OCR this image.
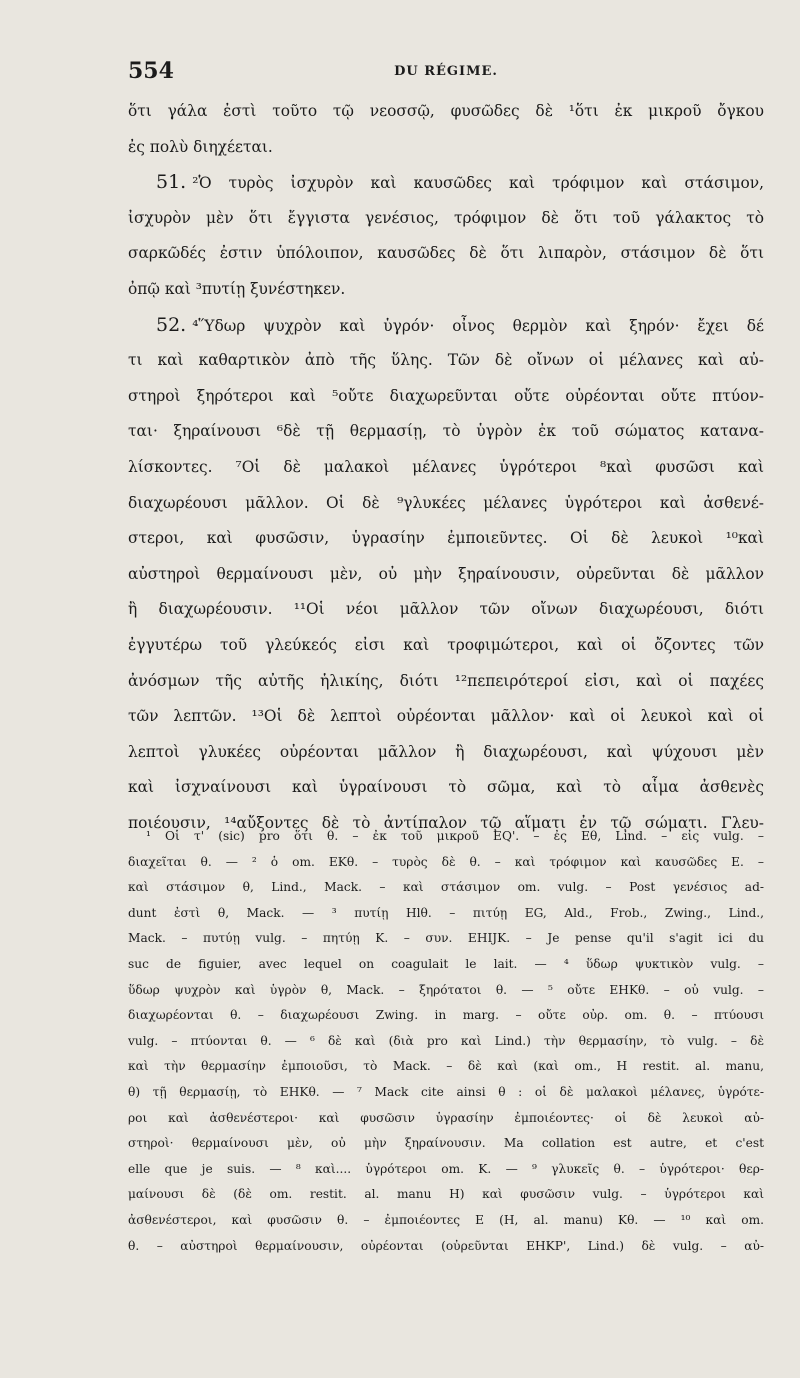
554	DU RÉGIME.
ὅτι γάλα ἐστὶ τοῦτο τῷ νεοσσῷ, φυσῶδες δὲ ¹ὅτι ἐκ μικροῦ ὄγκου
ἐς πολὺ διηχέεται.
51. ²Ὁ τυρὸς ἰσχυρὸν καὶ καυσῶδες καὶ τρόφιμον καὶ στάσιμον,
ἰσχυρὸν μὲν ὅτι ἔγγιστα γενέσιος, τρόφιμον δὲ ὅτι τοῦ γάλακτος τὸ
σαρκῶδές ἐστιν ὑπόλοιπον, καυσῶδες δὲ ὅτι λιπαρὸν, στάσιμον δὲ ὅτι
ὀπῷ καὶ ³πυτίῃ ξυνέστηκεν.
52. ⁴Ὕδωρ ψυχρὸν καὶ ὑγρόν· οἶνος θερμὸν καὶ ξηρόν· ἔχει δέ
τι καὶ καθαρτικὸν ἀπὸ τῆς ὕλης. Τῶν δὲ οἴνων οἱ μέλανες καὶ αὐ-
στηροὶ ξηρότεροι καὶ ⁵οὔτε διαχωρεῦνται οὔτε οὐρέονται οὔτε πτύον-
ται· ξηραίνουσι ⁶δὲ τῇ θερμασίῃ, τὸ ὑγρὸν ἐκ τοῦ σώματος κατανα-
λίσκοντες. ⁷Οἱ δὲ μαλακοὶ μέλανες ὑγρότεροι ⁸καὶ φυσῶσι καὶ
διαχωρέουσι μᾶλλον. Οἱ δὲ ⁹γλυκέες μέλανες ὑγρότεροι καὶ ἀσθενέ-
στεροι, καὶ φυσῶσιν, ὑγρασίην ἐμποιεῦντες. Οἱ δὲ λευκοὶ ¹⁰καὶ
αὐστηροὶ θερμαίνουσι μὲν, οὐ μὴν ξηραίνουσιν, οὐρεῦνται δὲ μᾶλλον
ἢ διαχωρέουσιν. ¹¹Οἱ νέοι μᾶλλον τῶν οἴνων διαχωρέουσι, διότι
ἐγγυτέρω τοῦ γλεύκεός εἰσι καὶ τροφιμώτεροι, καὶ οἱ ὄζοντες τῶν
ἀνόσμων τῆς αὐτῆς ἡλικίης, διότι ¹²πεπειρότεροί εἰσι, καὶ οἱ παχέες
τῶν λεπτῶν. ¹³Οἱ δὲ λεπτοὶ οὐρέονται μᾶλλον· καὶ οἱ λευκοὶ καὶ οἱ
λεπτοὶ γλυκέες οὐρέονται μᾶλλον ἢ διαχωρέουσι, καὶ ψύχουσι μὲν
καὶ ἰσχναίνουσι καὶ ὑγραίνουσι τὸ σῶμα, καὶ τὸ αἷμα ἀσθενὲς
ποιέουσιν, ¹⁴αὔξοντες δὲ τὸ ἀντίπαλον τῷ αἵματι ἐν τῷ σώματι. Γλευ-
¹ Οἱ τ' (sic) pro ὅτι θ. – ἐκ τοῦ μικροῦ EQ'. – ἐς Eθ, Lind. – εἰς vulg. –
διαχεῖται θ. — ² ὁ om. EKθ. – τυρὸς δὲ θ. – καὶ τρόφιμον καὶ καυσῶδες E. –
καὶ στάσιμον θ, Lind., Mack. – καὶ στάσιμον om. vulg. – Post γενέσιος ad-
dunt ἐστὶ θ, Mack. — ³ πυτίῃ Hlθ. – πιτύῃ EG, Ald., Frob., Zwing., Lind.,
Mack. – πυτύῃ vulg. – πητύῃ K. – συν. EHIJK. – Je pense qu'il s'agit ici du
suc de figuier, avec lequel on coagulait le lait. — ⁴ ὕδωρ ψυκτικὸν vulg. –
ὕδωρ ψυχρὸν καὶ ὑγρὸν θ, Mack. – ξηρότατοι θ. — ⁵ οὔτε EHKθ. – οὐ vulg. –
διαχωρέονται θ. – διαχωρέουσι Zwing. in marg. – οὔτε οὐρ. om. θ. – πτύουσι
vulg. – πτύονται θ. — ⁶ δὲ καὶ (διὰ pro καὶ Lind.) τὴν θερμασίην, τὸ vulg. – δὲ
καὶ τὴν θερμασίην ἐμποιοῦσι, τὸ Mack. – δὲ καὶ (καὶ om., H restit. al. manu,
θ) τῇ θερμασίῃ, τὸ EHKθ. — ⁷ Mack cite ainsi θ : οἱ δὲ μαλακοὶ μέλανες, ὑγρότε-
ροι καὶ ἀσθενέστεροι· καὶ φυσῶσιν ὑγρασίην ἐμποιέοντες· οἱ δὲ λευκοὶ αὐ-
στηροὶ· θερμαίνουσι μὲν, οὐ μὴν ξηραίνουσιν. Ma collation est autre, et c'est
elle que je suis. — ⁸ καὶ.... ὑγρότεροι om. K. — ⁹ γλυκεῖς θ. – ὑγρότεροι· θερ-
μαίνουσι δὲ (δὲ om. restit. al. manu H) καὶ φυσῶσιν vulg. – ὑγρότεροι καὶ
ἀσθενέστεροι, καὶ φυσῶσιν θ. – ἐμποιέοντες E (H, al. manu) Kθ. — ¹⁰ καὶ om.
θ. – αὐστηροὶ θερμαίνουσιν, οὐρέονται (οὐρεῦνται EHKP', Lind.) δὲ vulg. – αὐ-
